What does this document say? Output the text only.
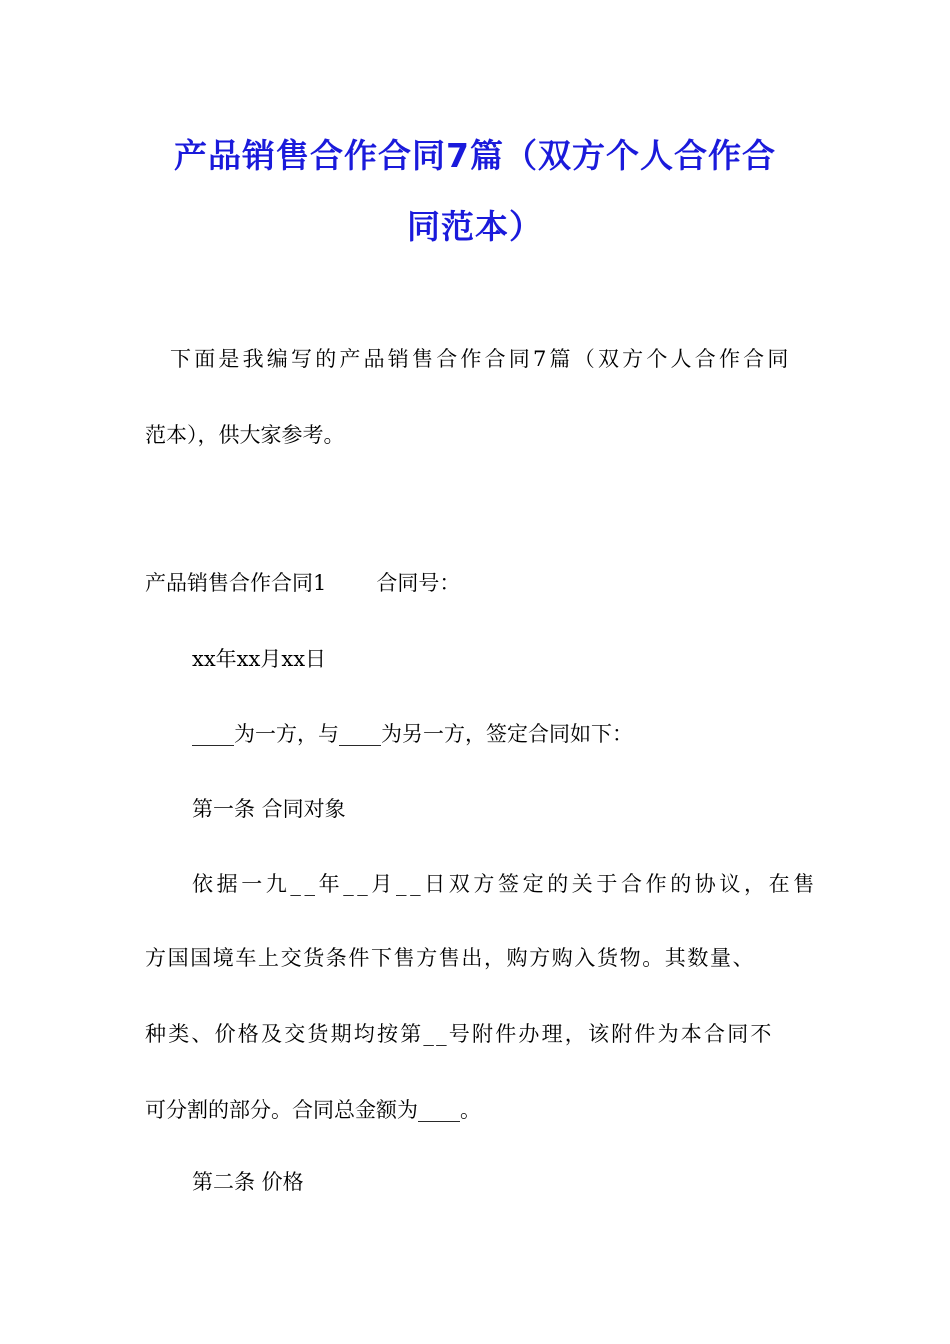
产品销售合作合同7篇（双方个人合作合
同范本）
下面是我编写的产品销售合作合同7篇（双方个人合作合同
范本），供大家参考。
产品销售合作合同1 合同号：
xx年xx月xx日
____为一方，与____为另一方，签定合同如下：
第一条 合同对象
依据一九__年__月__日双方签定的关于合作的协议，在售
方国国境车上交货条件下售方售出，购方购入货物。其数量、
种类、价格及交货期均按第__号附件办理，该附件为本合同不
可分割的部分。合同总金额为____。
第二条 价格
